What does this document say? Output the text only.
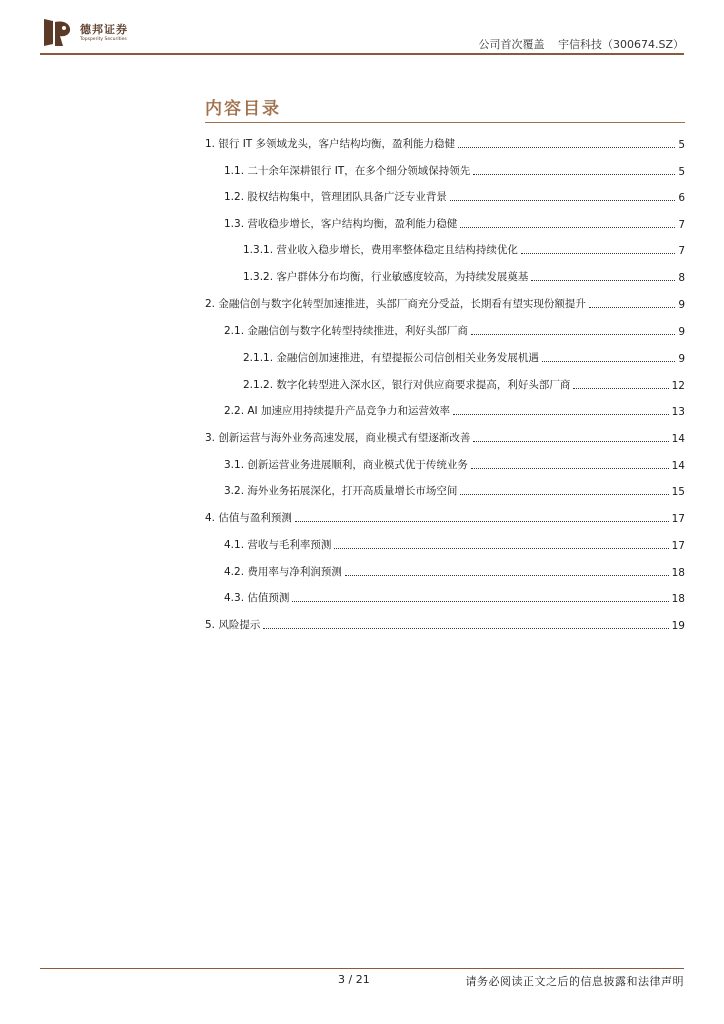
德邦证券
Topsperity Securities	公司首次覆盖 宇信科技（300674.SZ）
内容目录
1. 银行 IT 多领域龙头，客户结构均衡，盈利能力稳健	5
1.1. 二十余年深耕银行 IT，在多个细分领域保持领先	5
1.2. 股权结构集中，管理团队具备广泛专业背景	6
1.3. 营收稳步增长，客户结构均衡，盈利能力稳健	7
1.3.1. 营业收入稳步增长，费用率整体稳定且结构持续优化	7
1.3.2. 客户群体分布均衡，行业敏感度较高，为持续发展奠基	8
2. 金融信创与数字化转型加速推进，头部厂商充分受益，长期看有望实现份额提升	9
2.1. 金融信创与数字化转型持续推进，利好头部厂商	9
2.1.1. 金融信创加速推进，有望提振公司信创相关业务发展机遇	9
2.1.2. 数字化转型进入深水区，银行对供应商要求提高，利好头部厂商	12
2.2. AI 加速应用持续提升产品竞争力和运营效率	13
3. 创新运营与海外业务高速发展，商业模式有望逐渐改善	14
3.1. 创新运营业务进展顺利，商业模式优于传统业务	14
3.2. 海外业务拓展深化，打开高质量增长市场空间	15
4. 估值与盈利预测	17
4.1. 营收与毛利率预测	17
4.2. 费用率与净利润预测	18
4.3. 估值预测	18
5. 风险提示	19
3 / 21	请务必阅读正文之后的信息披露和法律声明
